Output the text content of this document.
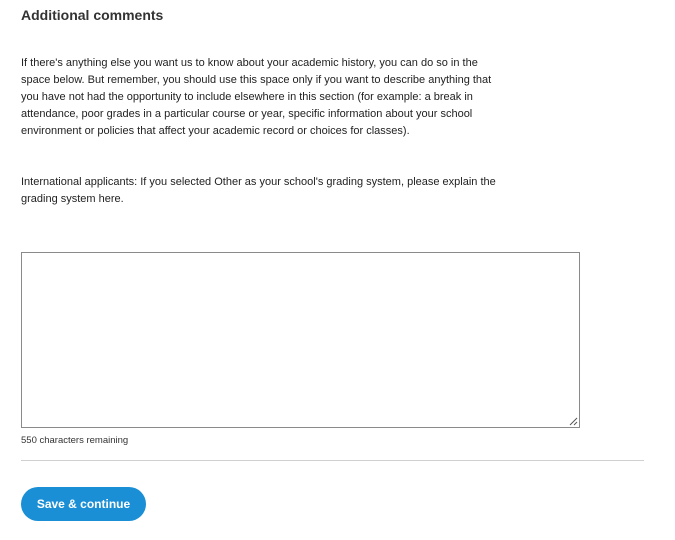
Additional comments

If there's anything else you want us to know about your academic history, you can do so in the space below. But remember, you should use this space only if you want to describe anything that you have not had the opportunity to include elsewhere in this section (for example: a break in attendance, poor grades in a particular course or year, specific information about your school environment or policies that affect your academic record or choices for classes).

International applicants: If you selected Other as your school's grading system, please explain the grading system here.

550 characters remaining

Save & continue
